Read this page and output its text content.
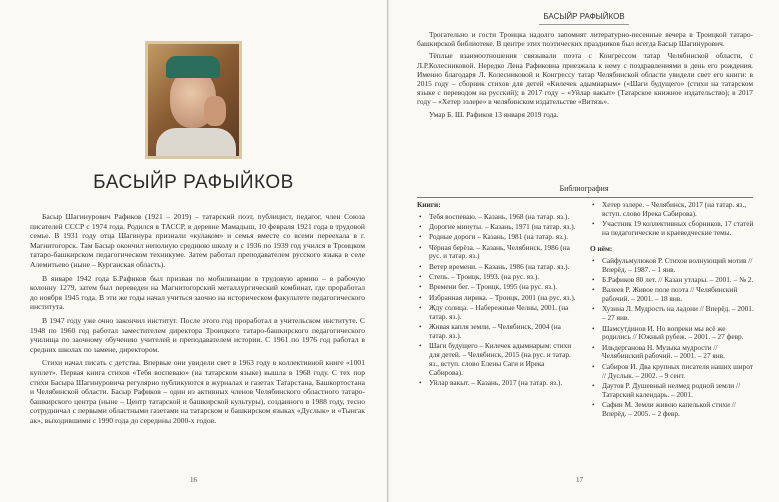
БАСЫЙР РАФЫЙКОВ

Басыр Шагинурович Рафиков (1921 – 2019) – татарский поэт, публицист, педагог, член Союза писателей СССР с 1974 года. Родился в ТАССР, в деревне Мамадыш, 10 февраля 1921 года в трудовой семье. В 1931 году отца Шагинура признали «кулаком» и семья вместе со всеми переехала в г. Магнитогорск. Там Басыр окончил неполную среднюю школу и с 1936 по 1939 год учился в Троицком татаро-башкирском педагогическом техникуме. Затем работал преподавателем русского языка в селе Алемитьево (ныне – Курганская область).

В январе 1942 года Б.Рафиков был призван по мобилизации в трудовую армию – в рабочую колонну 1279, затем был переведен на Магнитогорский металлургический комбинат, где проработал до ноября 1945 года. В эти же годы начал учиться заочно на историческом факультете педагогического института.

В 1947 году уже очно закончил институт. После этого год проработал в учительском институте. С 1948 по 1960 год работал заместителем директора Троицкого татаро-башкирского педагогического училища по заочному обучению учителей и преподавателем истории. С 1961 по 1976 год работал в средних школах по замене, директором.

Стихи начал писать с детства. Впервые они увидели свет в 1963 году в коллективной книге «1001 куплет». Первая книга стихов «Тебя воспеваю» (на татарском языке) вышла в 1968 году. С тех пор стихи Басыра Шагинуровича регулярно публикуются в журналах и газетах Татарстана, Башкортостана и Челябинской области. Басыр Рафиков – один из активных членов Челябинского областного татаро-башкирского центра (ныне – Центр татарской и башкирской культуры), созданного в 1988 году, тесно сотрудничал с первыми областными газетами на татарском и башкирском языках «Дуслык» и «Тынгак ак», выходившими с 1990 года до середины 2000-х годов.

16
БАСЫЙР РАФЫЙКОВ

Трогательно и гости Троицка надолго запомнят литературно-песенные вечера в Троицкой татаро-башкирской библиотеке. В центре этих поэтических праздников был всегда Басыр Шагинурович.

Тёплые взаимоотношения связывали поэта с Конгрессом татар Челябинской области, с Л.Р.Колесниковой. Нередко Лена Рафиковна приезжала к нему с поздравлениями в день его рождения. Именно благодаря Л. Колесниковой и Конгрессу татар Челябинской области увидели свет его книги: в 2015 году – сборник стихов для детей «Килечек адымнарым» («Шаги будущего» (стихи на татарском языке с переводом на русский); в 2017 году – «Уйлар вакыт» (Татарское книжное издательство); в 2017 году – «Хетер эзлере» в челябинском издательстве «Витязь».

Умар Б. Ш. Рафиков 13 января 2019 года.

Библиография
Книги:
• Тебя воспеваю. – Казань, 1968 (на татар. яз.).
• Дорогие минуты. – Казань, 1971 (на татар. яз.).
• Родные дороги – Казань, 1981 (на татар. яз.).
• Чёрная берёза. – Казань, Челябинск, 1986 (на рус. и татар. яз.)
• Ветер времени. – Казань, 1986 (на татар. яз.).
• Степь. – Троицк, 1993. (на рус. яз.).
• Времени бег. – Троицк, 1995 (на рус. яз.).
• Избранная лирика. – Троицк, 2001 (на рус. яз.).
• Жду солнца. – Набережные Челны, 2001. (на татар. яз.).
• Живая капля земли. – Челябинск, 2004 (на татар. яз.).
• Шаги будущего – Килечек адымнарым: стихи для детей. – Челябинск, 2015 (на рус. и татар. яз., вступ. слово Елены Саги и Ирека Сабирова).
• Уйлар вакыт. – Казань, 2017 (на татар. яз.).
• Хетер эзлере. – Челябинск, 2017 (на татар. яз., вступ. слово Ирека Сабирова).
• Участник 19 коллективных сборников, 17 статей на педагогические и краеведческие темы.
О нём:
• Сайфульмулюков Р. Стихов волнующий мотив // Вперёд. – 1987. – 1 янв.
• Б.Рафиков 80 лет. // Казан утлары. – 2001. – № 2.
• Валеев Р. Живое поле поэта // Челябинский рабочий. – 2001. – 18 янв.
• Хузина Л. Мудрость на ладони // Вперёд. – 2001. – 27 янв.
• Шамсутдинов И. Но вопреки мы всё же родились // Южный рубеж. – 2001. – 27 февр.
• Ильдерганова Н. Музыка мудрости // Челябинский рабочий. – 2001. – 27 янв.
• Сабиров И. Два крупных писателя наших широт // Дуслык. – 2002. – 9 сент.
• Даутов Р. Душевный нелмед родной земли // Татарский календарь. – 2001.
• Сафин М. Земли живою капелькой стихи // Вперёд. – 2005. – 2 февр.
17
